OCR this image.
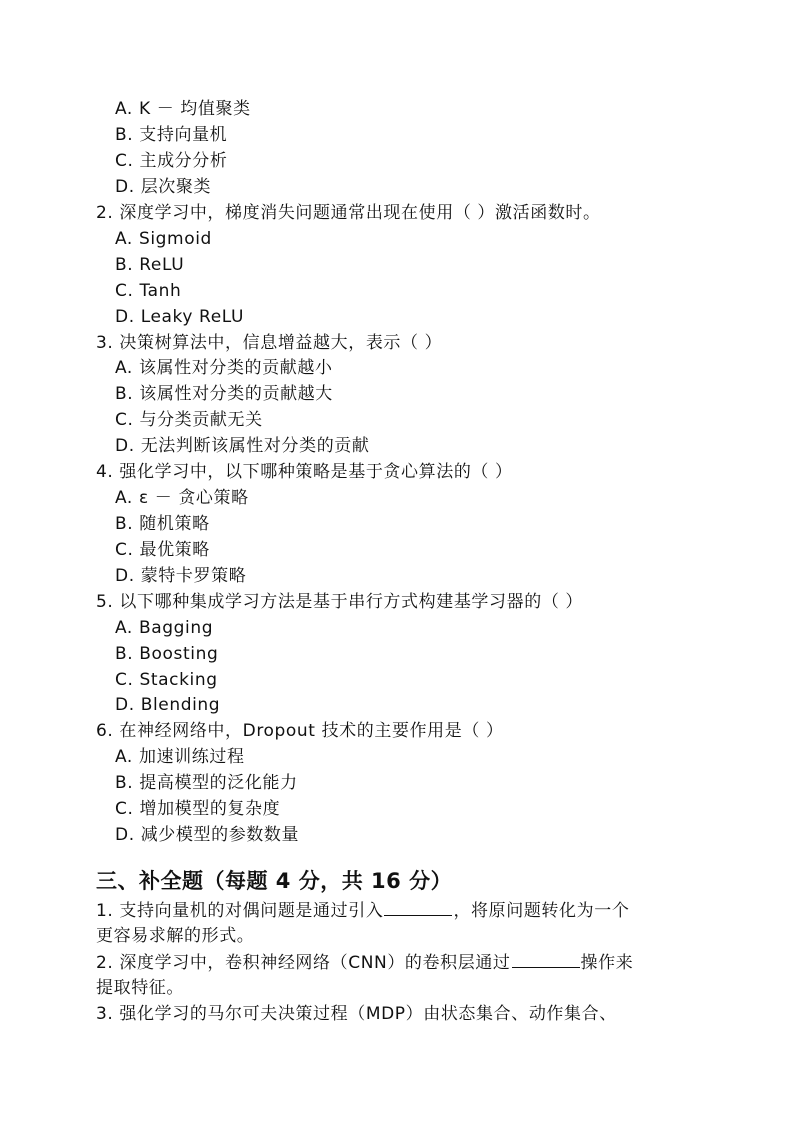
A. K － 均值聚类
B. 支持向量机
C. 主成分分析
D. 层次聚类
2. 深度学习中，梯度消失问题通常出现在使用（ ）激活函数时。
A. Sigmoid
B. ReLU
C. Tanh
D. Leaky ReLU
3. 决策树算法中，信息增益越大，表示（ ）
A. 该属性对分类的贡献越小
B. 该属性对分类的贡献越大
C. 与分类贡献无关
D. 无法判断该属性对分类的贡献
4. 强化学习中，以下哪种策略是基于贪心算法的（ ）
A. ε － 贪心策略
B. 随机策略
C. 最优策略
D. 蒙特卡罗策略
5. 以下哪种集成学习方法是基于串行方式构建基学习器的（ ）
A. Bagging
B. Boosting
C. Stacking
D. Blending
6. 在神经网络中，Dropout 技术的主要作用是（ ）
A. 加速训练过程
B. 提高模型的泛化能力
C. 增加模型的复杂度
D. 减少模型的参数数量
三、补全题（每题 4 分，共 16 分）
1. 支持向量机的对偶问题是通过引入	，将原问题转化为一个
更容易求解的形式。
2. 深度学习中，卷积神经网络（CNN）的卷积层通过	操作来
提取特征。
3. 强化学习的马尔可夫决策过程（MDP）由状态集合、动作集合、
